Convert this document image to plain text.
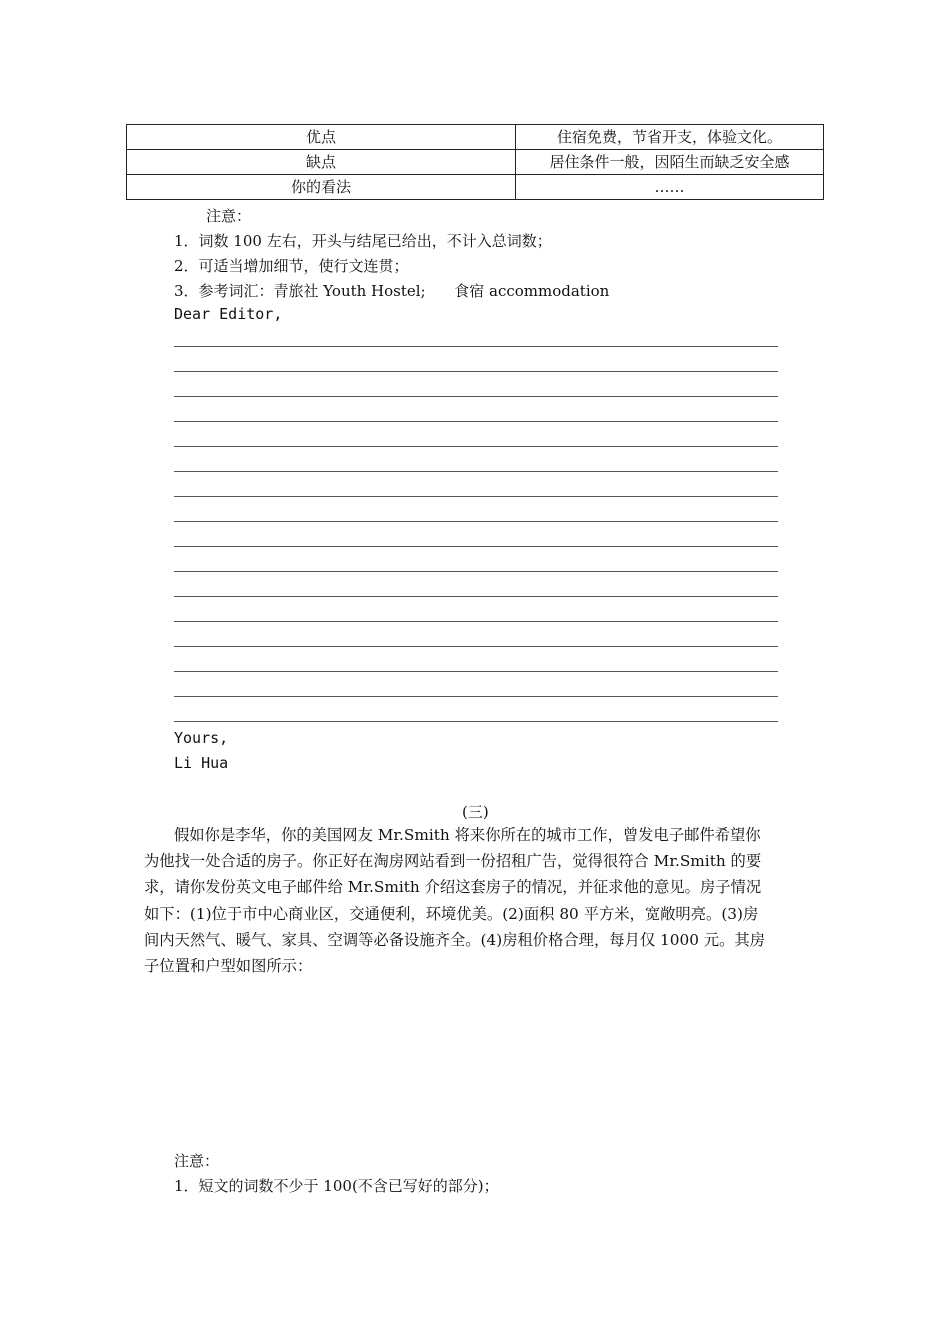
优点	住宿免费，节省开支，体验文化。
缺点	居住条件一般，因陌生而缺乏安全感
你的看法	……
注意：
1．词数 100 左右，开头与结尾已给出，不计入总词数；
2．可适当增加细节，使行文连贯；
3．参考词汇：青旅社 Youth Hostel;      食宿 accommodation
Dear Editor,
Yours,
Li Hua
(三)

假如你是李华，你的美国网友 Mr.Smith 将来你所在的城市工作，曾发电子邮件希望你

为他找一处合适的房子。你正好在淘房网站看到一份招租广告，觉得很符合 Mr.Smith 的要

求，请你发份英文电子邮件给 Mr.Smith 介绍这套房子的情况，并征求他的意见。房子情况

如下：(1)位于市中心商业区，交通便利，环境优美。(2)面积 80 平方米，宽敞明亮。(3)房

间内天然气、暖气、家具、空调等必备设施齐全。(4)房租价格合理，每月仅 1000 元。其房

子位置和户型如图所示：

注意：
1．短文的词数不少于 100(不含已写好的部分)；
